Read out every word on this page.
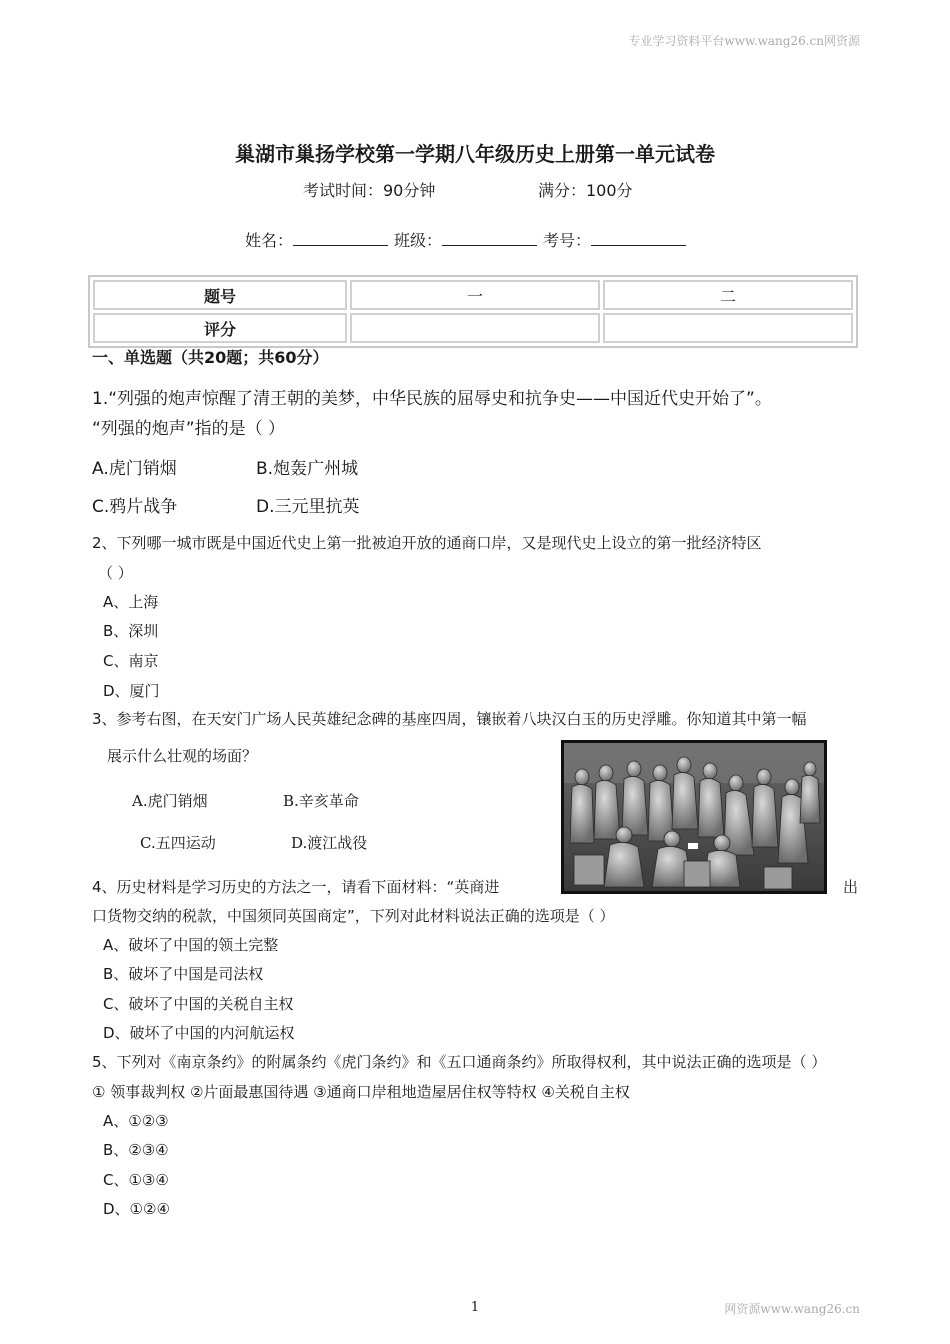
专业学习资料平台www.wang26.cn网资源
巢湖市巢扬学校第一学期八年级历史上册第一单元试卷
考试时间：90分钟	满分：100分
姓名：	班级：	考号：
题号	一	二
评分		
一、单选题（共20题；共60分）
1.“列强的炮声惊醒了清王朝的美梦，中华民族的屈辱史和抗争史——中国近代史开始了”。
“列强的炮声”指的是（ ）
A.虎门销烟	B.炮轰广州城
C.鸦片战争	D.三元里抗英
2、下列哪一城市既是中国近代史上第一批被迫开放的通商口岸，又是现代史上设立的第一批经济特区
（ ）
A、上海
B、深圳
C、南京
D、厦门
3、参考右图，在天安门广场人民英雄纪念碑的基座四周，镶嵌着八块汉白玉的历史浮雕。你知道其中第一幅
展示什么壮观的场面？
A.虎门销烟	B.辛亥革命
C.五四运动	D.渡江战役
4、历史材料是学习历史的方法之一，请看下面材料：“英商进	出
口货物交纳的税款，中国须同英国商定”，下列对此材料说法正确的选项是（ ）
A、破坏了中国的领土完整
B、破坏了中国是司法权
C、破坏了中国的关税自主权
D、破坏了中国的内河航运权
5、下列对《南京条约》的附属条约《虎门条约》和《五口通商条约》所取得权利，其中说法正确的选项是（ ）
① 领事裁判权 ②片面最惠国待遇 ③通商口岸租地造屋居住权等特权 ④关税自主权
A、①②③
B、②③④
C、①③④
D、①②④
1	网资源www.wang26.cn
